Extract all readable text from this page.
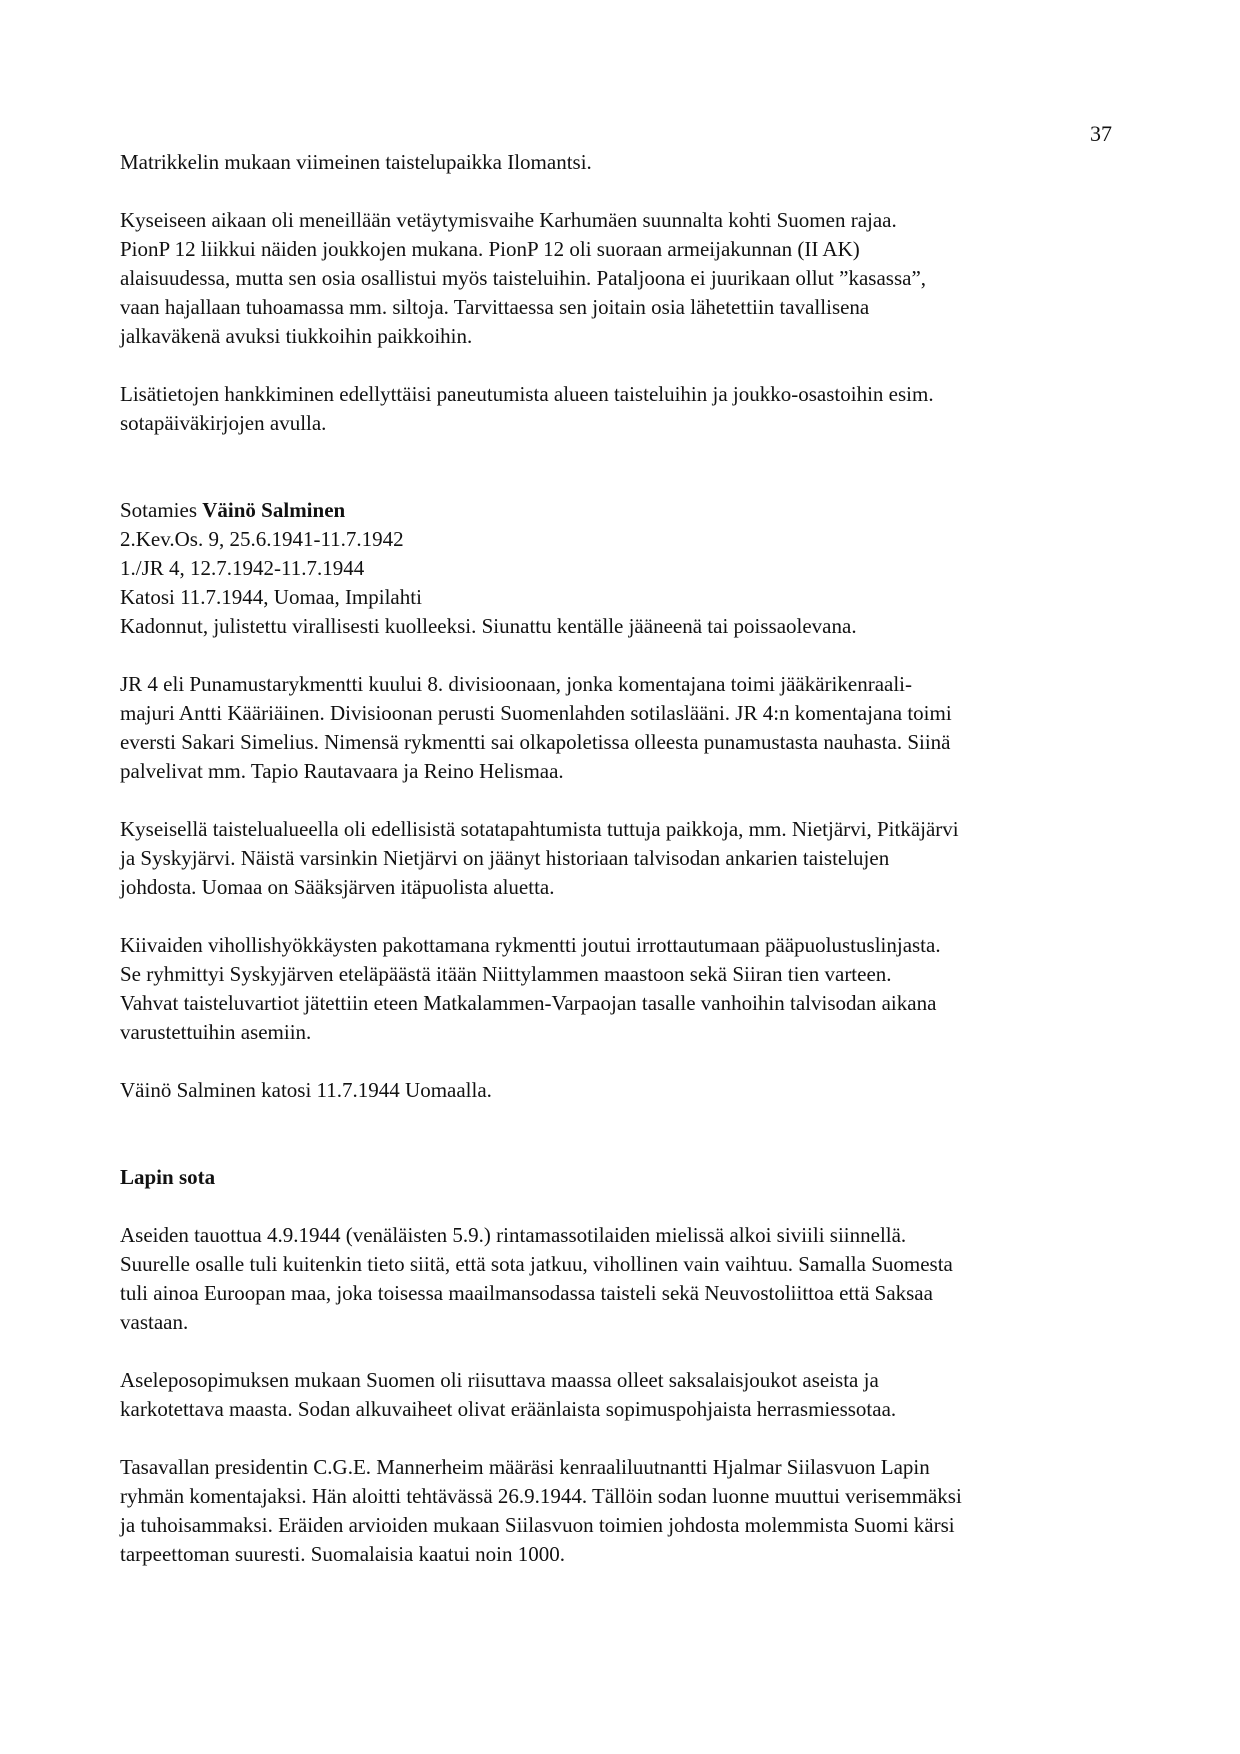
37

Matrikkelin mukaan viimeinen taistelupaikka Ilomantsi.

Kyseiseen aikaan oli meneillään vetäytymisvaihe Karhumäen suunnalta kohti Suomen rajaa.
PionP 12 liikkui näiden joukkojen mukana. PionP 12 oli suoraan armeijakunnan (II AK)
alaisuudessa, mutta sen osia osallistui myös taisteluihin. Pataljoona ei juurikaan ollut ”kasassa”,
vaan hajallaan tuhoamassa mm. siltoja. Tarvittaessa sen joitain osia lähetettiin tavallisena
jalkaväkenä avuksi tiukkoihin paikkoihin.

Lisätietojen hankkiminen edellyttäisi paneutumista alueen taisteluihin ja joukko-osastoihin esim.
sotapäiväkirjojen avulla.

Sotamies Väinö Salminen
2.Kev.Os. 9, 25.6.1941-11.7.1942
1./JR 4, 12.7.1942-11.7.1944
Katosi 11.7.1944, Uomaa, Impilahti
Kadonnut, julistettu virallisesti kuolleeksi. Siunattu kentälle jääneenä tai poissaolevana.

JR 4 eli Punamustarykmentti kuului 8. divisioonaan, jonka komentajana toimi jääkärikenraali-
majuri Antti Kääriäinen. Divisioonan perusti Suomenlahden sotilaslääni. JR 4:n komentajana toimi
eversti Sakari Simelius. Nimensä rykmentti sai olkapoletissa olleesta punamustasta nauhasta. Siinä
palvelivat mm. Tapio Rautavaara ja Reino Helismaa.

Kyseisellä taistelualueella oli edellisistä sotatapahtumista tuttuja paikkoja, mm. Nietjärvi, Pitkäjärvi
ja Syskyjärvi. Näistä varsinkin Nietjärvi on jäänyt historiaan talvisodan ankarien taistelujen
johdosta. Uomaa on Sääksjärven itäpuolista aluetta.

Kiivaiden vihollishyökkäysten pakottamana rykmentti joutui irrottautumaan pääpuolustuslinjasta.
Se ryhmittyi Syskyjärven eteläpäästä itään Niittylammen maastoon sekä Siiran tien varteen.
Vahvat taisteluvartiot jätettiin eteen Matkalammen-Varpaojan tasalle vanhoihin talvisodan aikana
varustettuihin asemiin.

Väinö Salminen katosi 11.7.1944 Uomaalla.

Lapin sota

Aseiden tauottua 4.9.1944 (venäläisten 5.9.) rintamassotilaiden mielissä alkoi siviili siinnellä.
Suurelle osalle tuli kuitenkin tieto siitä, että sota jatkuu, vihollinen vain vaihtuu. Samalla Suomesta
tuli ainoa Euroopan maa, joka toisessa maailmansodassa taisteli sekä Neuvostoliittoa että Saksaa
vastaan.

Aseleposopimuksen mukaan Suomen oli riisuttava maassa olleet saksalaisjoukot aseista ja
karkotettava maasta. Sodan alkuvaiheet olivat eräänlaista sopimuspohjaista herrasmiessotaa.

Tasavallan presidentin C.G.E. Mannerheim määräsi kenraaliluutnantti Hjalmar Siilasvuon Lapin
ryhmän komentajaksi. Hän aloitti tehtävässä 26.9.1944. Tällöin sodan luonne muuttui verisemmäksi
ja tuhoisammaksi. Eräiden arvioiden mukaan Siilasvuon toimien johdosta molemmista Suomi kärsi
tarpeettoman suuresti. Suomalaisia kaatui noin 1000.
